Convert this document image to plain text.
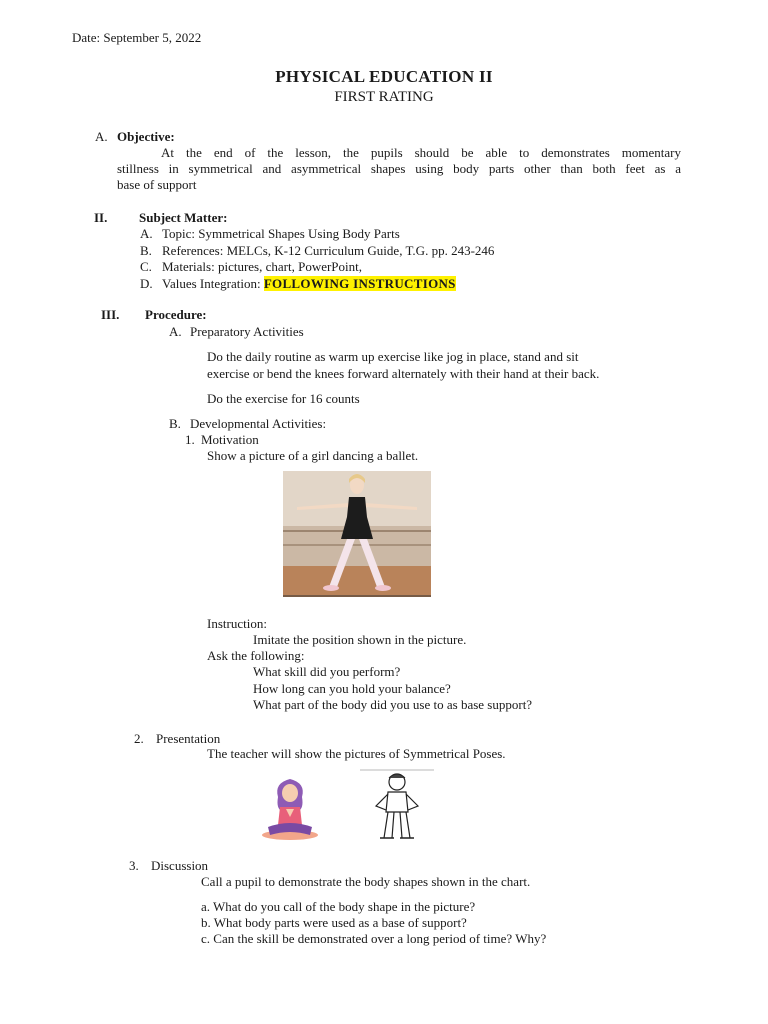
Date: September 5, 2022
PHYSICAL EDUCATION II
FIRST RATING
A. Objective:
At the end of the lesson, the pupils should be able to demonstrates momentary
stillness in symmetrical and asymmetrical shapes using body parts other than both feet as a
base of support
II. Subject Matter:
A. Topic: Symmetrical Shapes Using Body Parts
B. References: MELCs, K-12 Curriculum Guide, T.G. pp. 243-246
C. Materials: pictures, chart, PowerPoint,
D. Values Integration: FOLLOWING INSTRUCTIONS
III. Procedure:
A. Preparatory Activities
Do the daily routine as warm up exercise like jog in place, stand and sit
exercise or bend the knees forward alternately with their hand at their back.
Do the exercise for 16 counts
B. Developmental Activities:
1. Motivation
Show a picture of a girl dancing a ballet.
Instruction:
Imitate the position shown in the picture.
Ask the following:
What skill did you perform?
How long can you hold your balance?
What part of the body did you use to as base support?
2. Presentation
The teacher will show the pictures of Symmetrical Poses.
3. Discussion
Call a pupil to demonstrate the body shapes shown in the chart.
a. What do you call of the body shape in the picture?
b. What body parts were used as a base of support?
c. Can the skill be demonstrated over a long period of time? Why?
